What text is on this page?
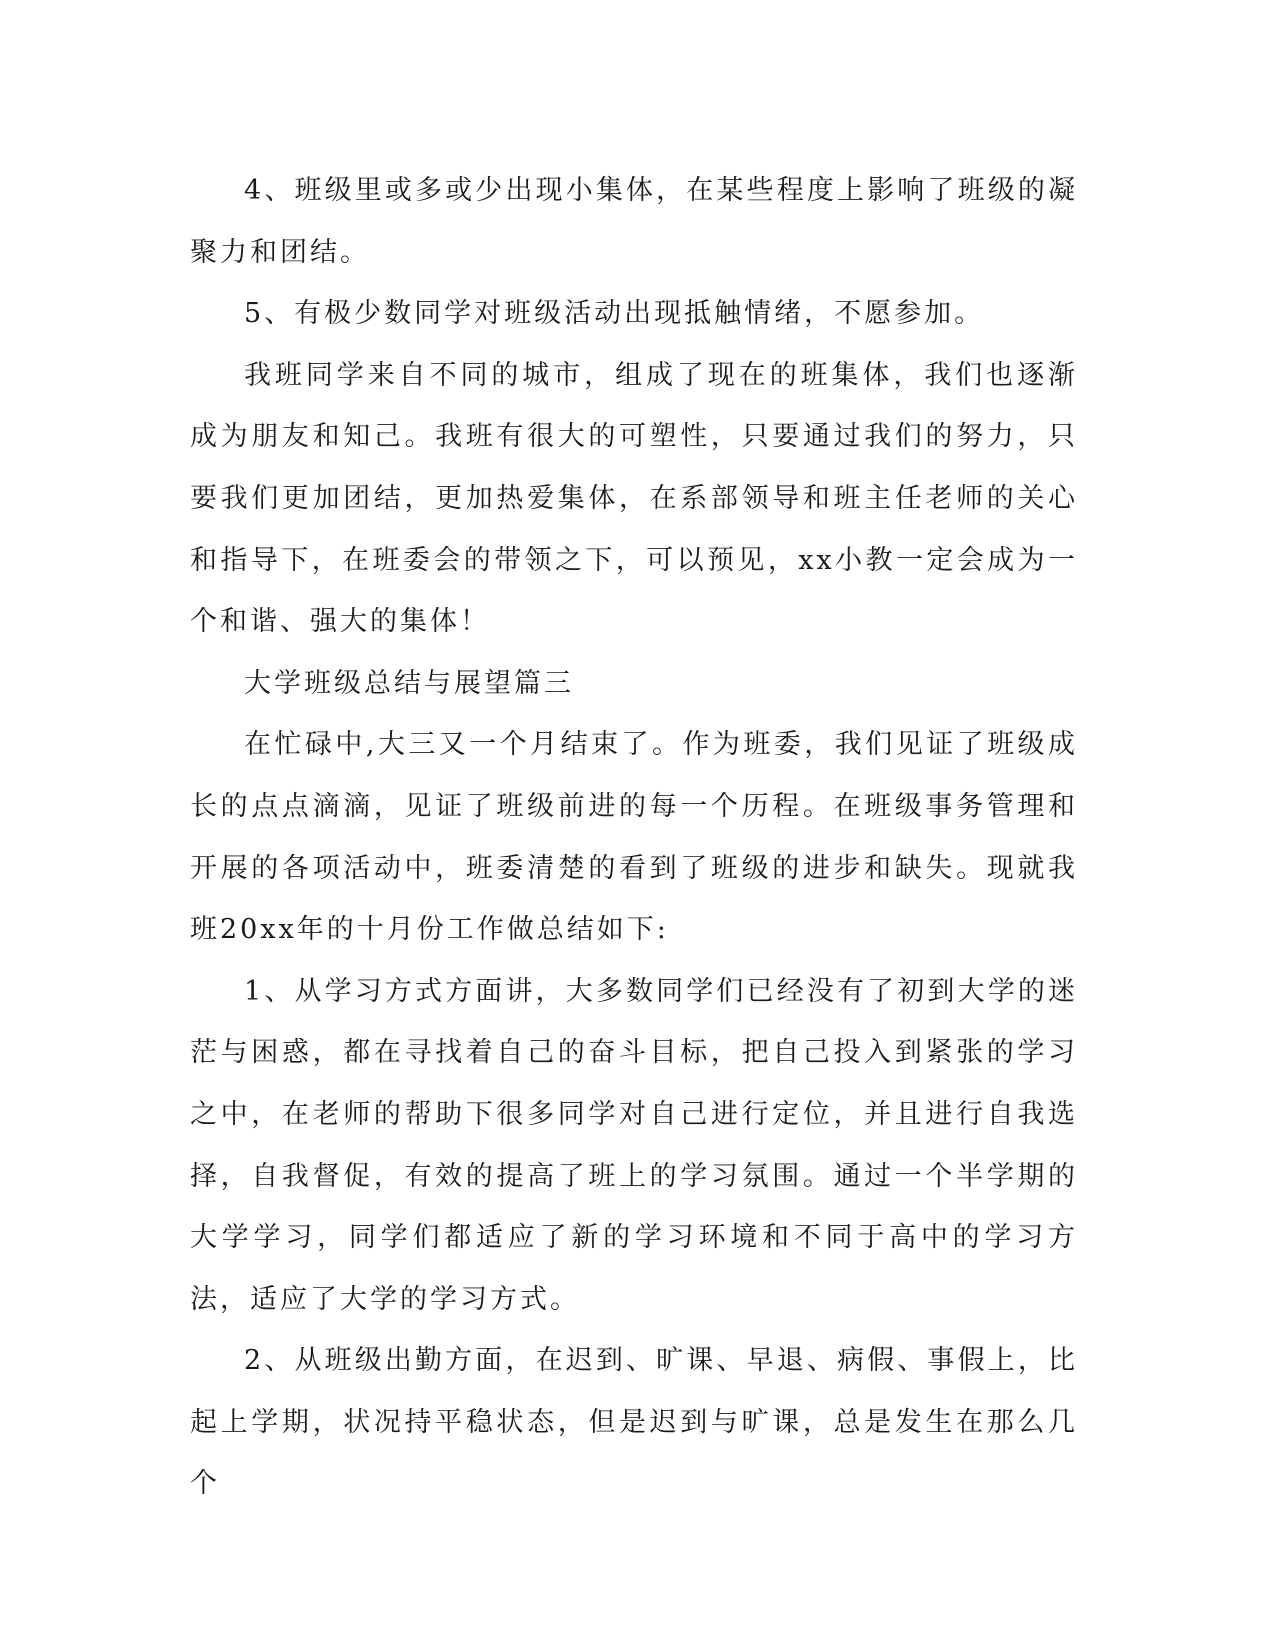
4、班级里或多或少出现小集体，在某些程度上影响了班级的凝聚力和团结。

5、有极少数同学对班级活动出现抵触情绪，不愿参加。

我班同学来自不同的城市，组成了现在的班集体，我们也逐渐成为朋友和知己。我班有很大的可塑性，只要通过我们的努力，只要我们更加团结，更加热爱集体，在系部领导和班主任老师的关心和指导下，在班委会的带领之下，可以预见，xx小教一定会成为一个和谐、强大的集体！

大学班级总结与展望篇三

在忙碌中,大三又一个月结束了。作为班委，我们见证了班级成长的点点滴滴，见证了班级前进的每一个历程。在班级事务管理和开展的各项活动中，班委清楚的看到了班级的进步和缺失。现就我班20xx年的十月份工作做总结如下:

1、从学习方式方面讲，大多数同学们已经没有了初到大学的迷茫与困惑，都在寻找着自己的奋斗目标，把自己投入到紧张的学习之中，在老师的帮助下很多同学对自己进行定位，并且进行自我选择，自我督促，有效的提高了班上的学习氛围。通过一个半学期的大学学习，同学们都适应了新的学习环境和不同于高中的学习方法，适应了大学的学习方式。

2、从班级出勤方面，在迟到、旷课、早退、病假、事假上，比起上学期，状况持平稳状态，但是迟到与旷课，总是发生在那么几个
